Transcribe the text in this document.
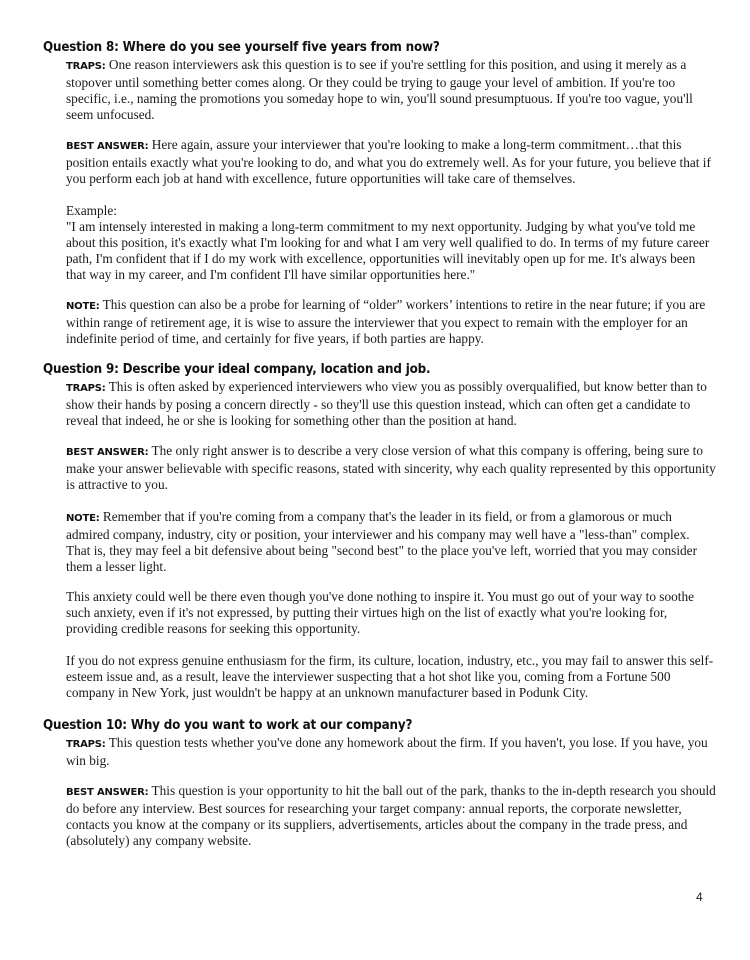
Question 8: Where do you see yourself five years from now?
TRAPS: One reason interviewers ask this question is to see if you're settling for this position, and using it merely as a stopover until something better comes along. Or they could be trying to gauge your level of ambition. If you're too specific, i.e., naming the promotions you someday hope to win, you'll sound presumptuous. If you're too vague, you'll seem unfocused.
BEST ANSWER: Here again, assure your interviewer that you're looking to make a long-term commitment…that this position entails exactly what you're looking to do, and what you do extremely well. As for your future, you believe that if you perform each job at hand with excellence, future opportunities will take care of themselves.
Example:
"I am intensely interested in making a long-term commitment to my next opportunity. Judging by what you've told me about this position, it's exactly what I'm looking for and what I am very well qualified to do. In terms of my future career path, I'm confident that if I do my work with excellence, opportunities will inevitably open up for me. It's always been that way in my career, and I'm confident I'll have similar opportunities here."
NOTE: This question can also be a probe for learning of “older” workers’ intentions to retire in the near future; if you are within range of retirement age, it is wise to assure the interviewer that you expect to remain with the employer for an indefinite period of time, and certainly for five years, if both parties are happy.
Question 9: Describe your ideal company, location and job.
TRAPS: This is often asked by experienced interviewers who view you as possibly overqualified, but know better than to show their hands by posing a concern directly - so they'll use this question instead, which can often get a candidate to reveal that indeed, he or she is looking for something other than the position at hand.
BEST ANSWER: The only right answer is to describe a very close version of what this company is offering, being sure to make your answer believable with specific reasons, stated with sincerity, why each quality represented by this opportunity is attractive to you.
NOTE: Remember that if you're coming from a company that's the leader in its field, or from a glamorous or much admired company, industry, city or position, your interviewer and his company may well have a "less-than" complex. That is, they may feel a bit defensive about being "second best" to the place you've left, worried that you may consider them a lesser light.
This anxiety could well be there even though you've done nothing to inspire it. You must go out of your way to soothe such anxiety, even if it's not expressed, by putting their virtues high on the list of exactly what you're looking for, providing credible reasons for seeking this opportunity.
If you do not express genuine enthusiasm for the firm, its culture, location, industry, etc., you may fail to answer this self-esteem issue and, as a result, leave the interviewer suspecting that a hot shot like you, coming from a Fortune 500 company in New York, just wouldn't be happy at an unknown manufacturer based in Podunk City.
Question 10: Why do you want to work at our company?
TRAPS: This question tests whether you've done any homework about the firm. If you haven't, you lose. If you have, you win big.
BEST ANSWER: This question is your opportunity to hit the ball out of the park, thanks to the in-depth research you should do before any interview. Best sources for researching your target company: annual reports, the corporate newsletter, contacts you know at the company or its suppliers, advertisements, articles about the company in the trade press, and (absolutely) any company website.
4
